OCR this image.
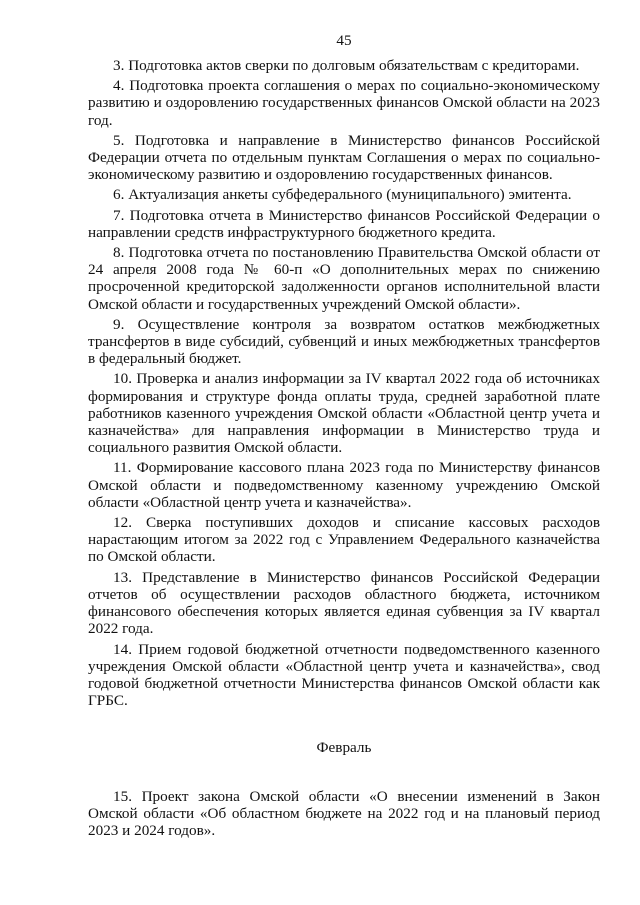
45

3. Подготовка актов сверки по долговым обязательствам с кредиторами.

4. Подготовка проекта соглашения о мерах по социально-экономическому развитию и оздоровлению государственных финансов Омской области на 2023 год.

5. Подготовка и направление в Министерство финансов Российской Федерации отчета по отдельным пунктам Соглашения о мерах по социально-экономическому развитию и оздоровлению государственных финансов.

6. Актуализация анкеты субфедерального (муниципального) эмитента.

7. Подготовка отчета в Министерство финансов Российской Федерации о направлении средств инфраструктурного бюджетного кредита.

8. Подготовка отчета по постановлению Правительства Омской области от 24 апреля 2008 года № 60-п «О дополнительных мерах по снижению просроченной кредиторской задолженности органов исполнительной власти Омской области и государственных учреждений Омской области».

9. Осуществление контроля за возвратом остатков межбюджетных трансфертов в виде субсидий, субвенций и иных межбюджетных трансфертов в федеральный бюджет.

10. Проверка и анализ информации за IV квартал 2022 года об источниках формирования и структуре фонда оплаты труда, средней заработной плате работников казенного учреждения Омской области «Областной центр учета и казначейства» для направления информации в Министерство труда и социального развития Омской области.

11. Формирование кассового плана 2023 года по Министерству финансов Омской области и подведомственному казенному учреждению Омской области «Областной центр учета и казначейства».

12. Сверка поступивших доходов и списание кассовых расходов нарастающим итогом за 2022 год с Управлением Федерального казначейства по Омской области.

13. Представление в Министерство финансов Российской Федерации отчетов об осуществлении расходов областного бюджета, источником финансового обеспечения которых является единая субвенция за IV квартал 2022 года.

14. Прием годовой бюджетной отчетности подведомственного казенного учреждения Омской области «Областной центр учета и казначейства», свод годовой бюджетной отчетности Министерства финансов Омской области как ГРБС.

Февраль

15. Проект закона Омской области «О внесении изменений в Закон Омской области «Об областном бюджете на 2022 год и на плановый период 2023 и 2024 годов».
